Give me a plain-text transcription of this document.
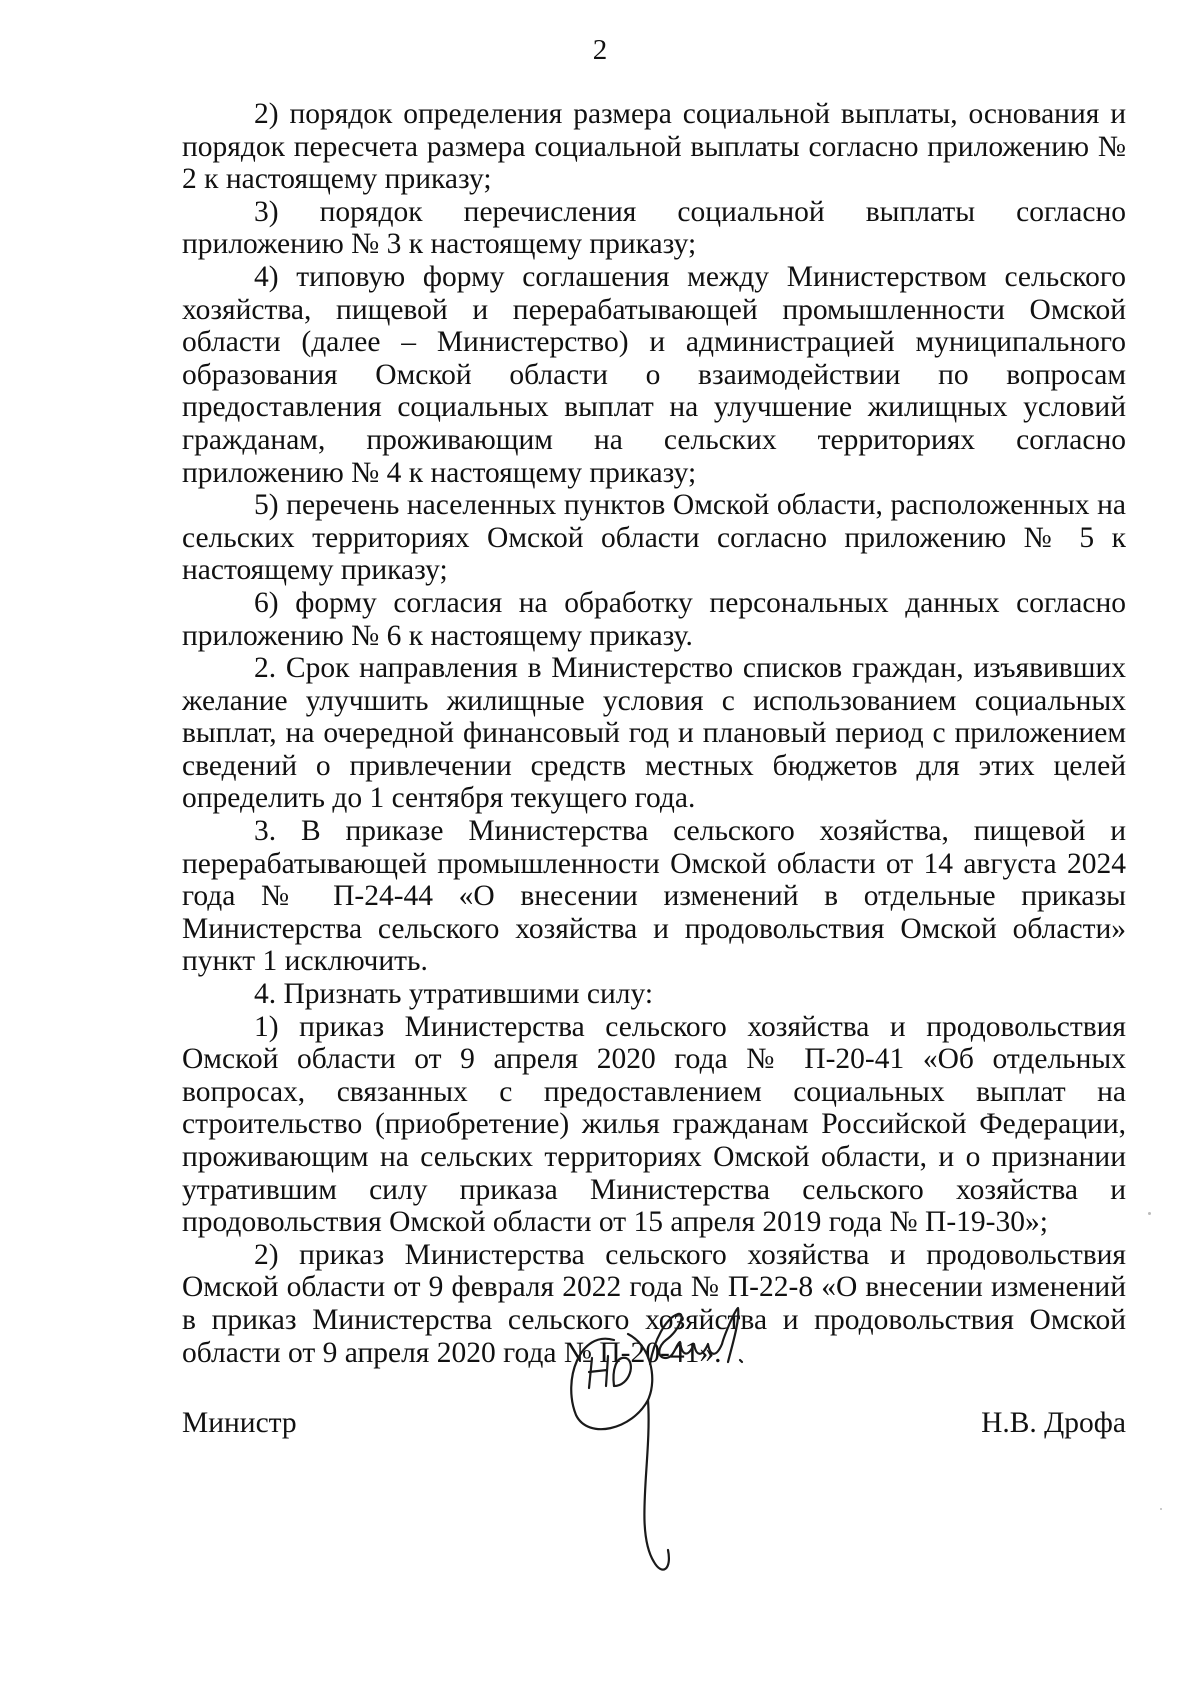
2

2) порядок определения размера социальной выплаты, основания и порядок пересчета размера социальной выплаты согласно приложению № 2 к настоящему приказу;

3) порядок перечисления социальной выплаты согласно приложению № 3 к настоящему приказу;

4) типовую форму соглашения между Министерством сельского хозяйства, пищевой и перерабатывающей промышленности Омской области (далее – Министерство) и администрацией муниципального образования Омской области о взаимодействии по вопросам предоставления социальных выплат на улучшение жилищных условий гражданам, проживающим на сельских территориях согласно приложению № 4 к настоящему приказу;

5) перечень населенных пунктов Омской области, расположенных на сельских территориях Омской области согласно приложению № 5 к настоящему приказу;

6) форму согласия на обработку персональных данных согласно приложению № 6 к настоящему приказу.

2. Срок направления в Министерство списков граждан, изъявивших желание улучшить жилищные условия с использованием социальных выплат, на очередной финансовый год и плановый период с приложением сведений о привлечении средств местных бюджетов для этих целей определить до 1 сентября текущего года.

3. В приказе Министерства сельского хозяйства, пищевой и перерабатывающей промышленности Омской области от 14 августа 2024 года № П-24-44 «О внесении изменений в отдельные приказы Министерства сельского хозяйства и продовольствия Омской области» пункт 1 исключить.

4. Признать утратившими силу:

1) приказ Министерства сельского хозяйства и продовольствия Омской области от 9 апреля 2020 года № П-20-41 «Об отдельных вопросах, связанных с предоставлением социальных выплат на строительство (приобретение) жилья гражданам Российской Федерации, проживающим на сельских территориях Омской области, и о признании утратившим силу приказа Министерства сельского хозяйства и продовольствия Омской области от 15 апреля 2019 года № П-19-30»;

2) приказ Министерства сельского хозяйства и продовольствия Омской области от 9 февраля 2022 года № П-22-8 «О внесении изменений в приказ Министерства сельского хозяйства и продовольствия Омской области от 9 апреля 2020 года № П-20-41».

Министр	Н.В. Дрофа
